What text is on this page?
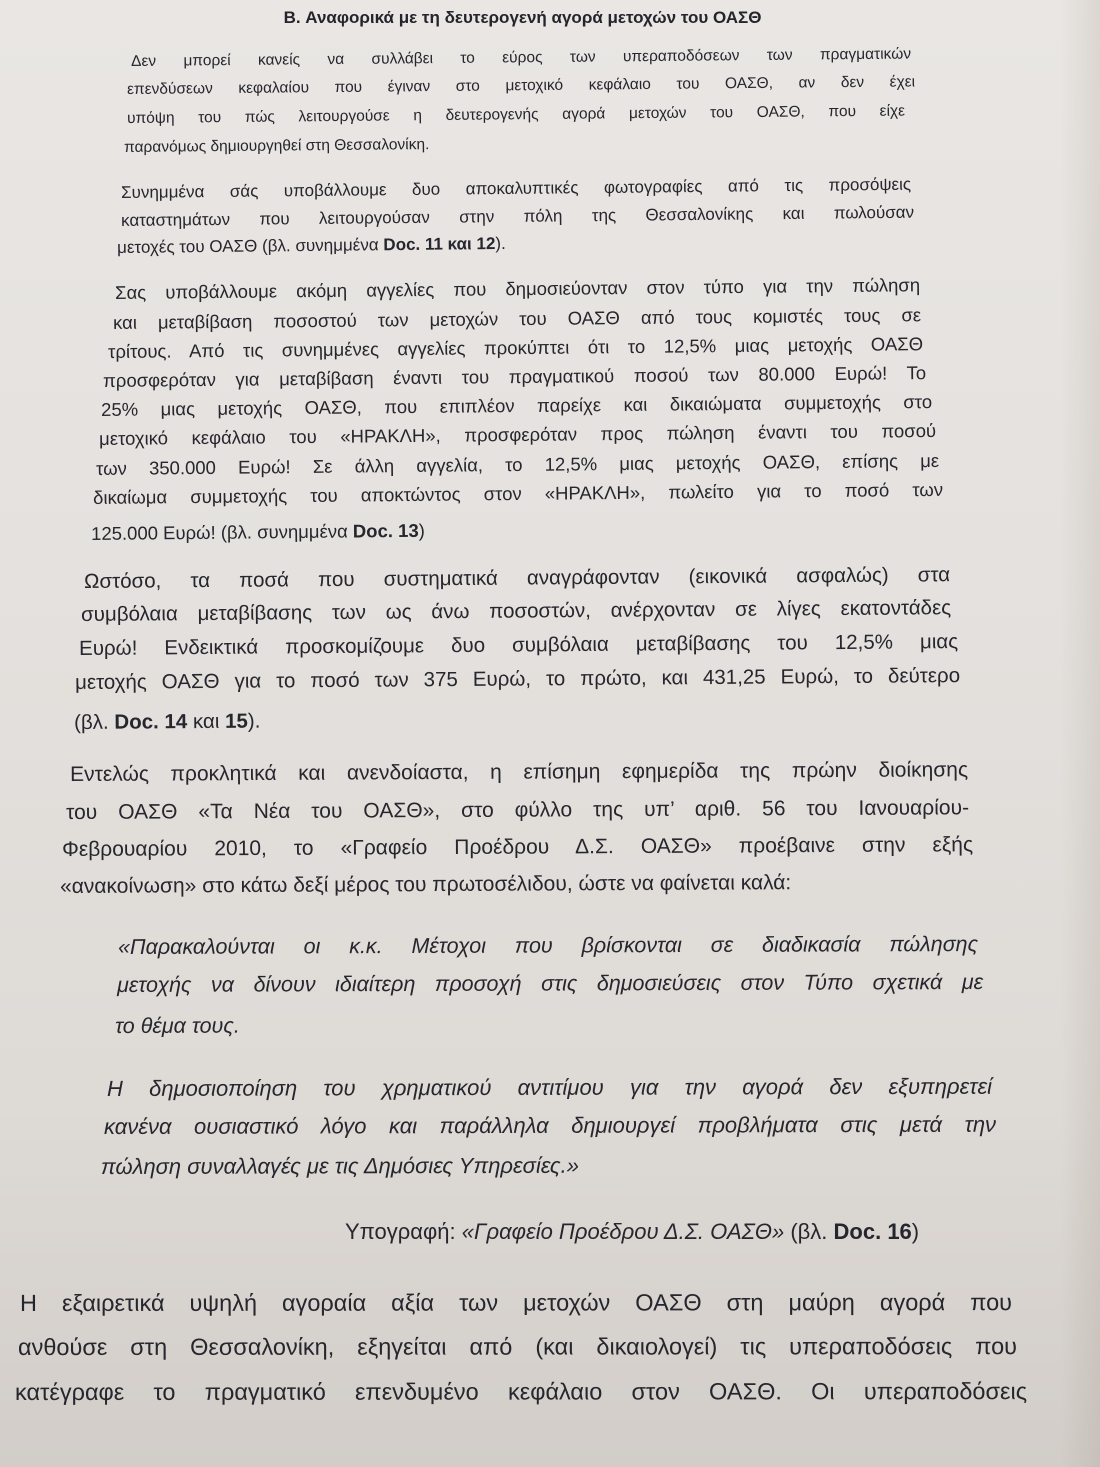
B. Αναφορικά με τη δευτερογενή αγορά μετοχών του ΟΑΣΘ
Δεν μπορεί κανείς να συλλάβει το εύρος των υπεραποδόσεων των πραγματικών
επενδύσεων κεφαλαίου που έγιναν στο μετοχικό κεφάλαιο του ΟΑΣΘ, αν δεν έχει
υπόψη του πώς λειτουργούσε η δευτερογενής αγορά μετοχών του ΟΑΣΘ, που είχε
παρανόμως δημιουργηθεί στη Θεσσαλονίκη.
Συνημμένα σάς υποβάλλουμε δυο αποκαλυπτικές φωτογραφίες από τις προσόψεις
καταστημάτων που λειτουργούσαν στην πόλη της Θεσσαλονίκης και πωλούσαν
μετοχές του ΟΑΣΘ (βλ. συνημμένα Doc. 11 και 12).
Σας υποβάλλουμε ακόμη αγγελίες που δημοσιεύονταν στον τύπο για την πώληση
και μεταβίβαση ποσοστού των μετοχών του ΟΑΣΘ από τους κομιστές τους σε
τρίτους. Από τις συνημμένες αγγελίες προκύπτει ότι το 12,5% μιας μετοχής ΟΑΣΘ
προσφερόταν για μεταβίβαση έναντι του πραγματικού ποσού των 80.000 Ευρώ! Το
25% μιας μετοχής ΟΑΣΘ, που επιπλέον παρείχε και δικαιώματα συμμετοχής στο
μετοχικό κεφάλαιο του «ΗΡΑΚΛΗ», προσφερόταν προς πώληση έναντι του ποσού
των 350.000 Ευρώ! Σε άλλη αγγελία, το 12,5% μιας μετοχής ΟΑΣΘ, επίσης με
δικαίωμα συμμετοχής του αποκτώντος στον «ΗΡΑΚΛΗ», πωλείτο για το ποσό των
125.000 Ευρώ! (βλ. συνημμένα Doc. 13)
Ωστόσο, τα ποσά που συστηματικά αναγράφονταν (εικονικά ασφαλώς) στα
συμβόλαια μεταβίβασης των ως άνω ποσοστών, ανέρχονταν σε λίγες εκατοντάδες
Ευρώ! Ενδεικτικά προσκομίζουμε δυο συμβόλαια μεταβίβασης του 12,5% μιας
μετοχής ΟΑΣΘ για το ποσό των 375 Ευρώ, το πρώτο, και 431,25 Ευρώ, το δεύτερο
(βλ. Doc. 14 και 15).
Εντελώς προκλητικά και ανενδοίαστα, η επίσημη εφημερίδα της πρώην διοίκησης
του ΟΑΣΘ «Τα Νέα του ΟΑΣΘ», στο φύλλο της υπ’ αριθ. 56 του Ιανουαρίου-
Φεβρουαρίου 2010, το «Γραφείο Προέδρου Δ.Σ. ΟΑΣΘ» προέβαινε στην εξής
«ανακοίνωση» στο κάτω δεξί μέρος του πρωτοσέλιδου, ώστε να φαίνεται καλά:
«Παρακαλούνται οι κ.κ. Μέτοχοι που βρίσκονται σε διαδικασία πώλησης
μετοχής να δίνουν ιδιαίτερη προσοχή στις δημοσιεύσεις στον Τύπο σχετικά με
το θέμα τους.
Η δημοσιοποίηση του χρηματικού αντιτίμου για την αγορά δεν εξυπηρετεί
κανένα ουσιαστικό λόγο και παράλληλα δημιουργεί προβλήματα στις μετά την
πώληση συναλλαγές με τις Δημόσιες Υπηρεσίες.»
Υπογραφή: «Γραφείο Προέδρου Δ.Σ. ΟΑΣΘ» (βλ. Doc. 16)
Η εξαιρετικά υψηλή αγοραία αξία των μετοχών ΟΑΣΘ στη μαύρη αγορά που
ανθούσε στη Θεσσαλονίκη, εξηγείται από (και δικαιολογεί) τις υπεραποδόσεις που
κατέγραφε το πραγματικό επενδυμένο κεφάλαιο στον ΟΑΣΘ. Οι υπεραποδόσεις
